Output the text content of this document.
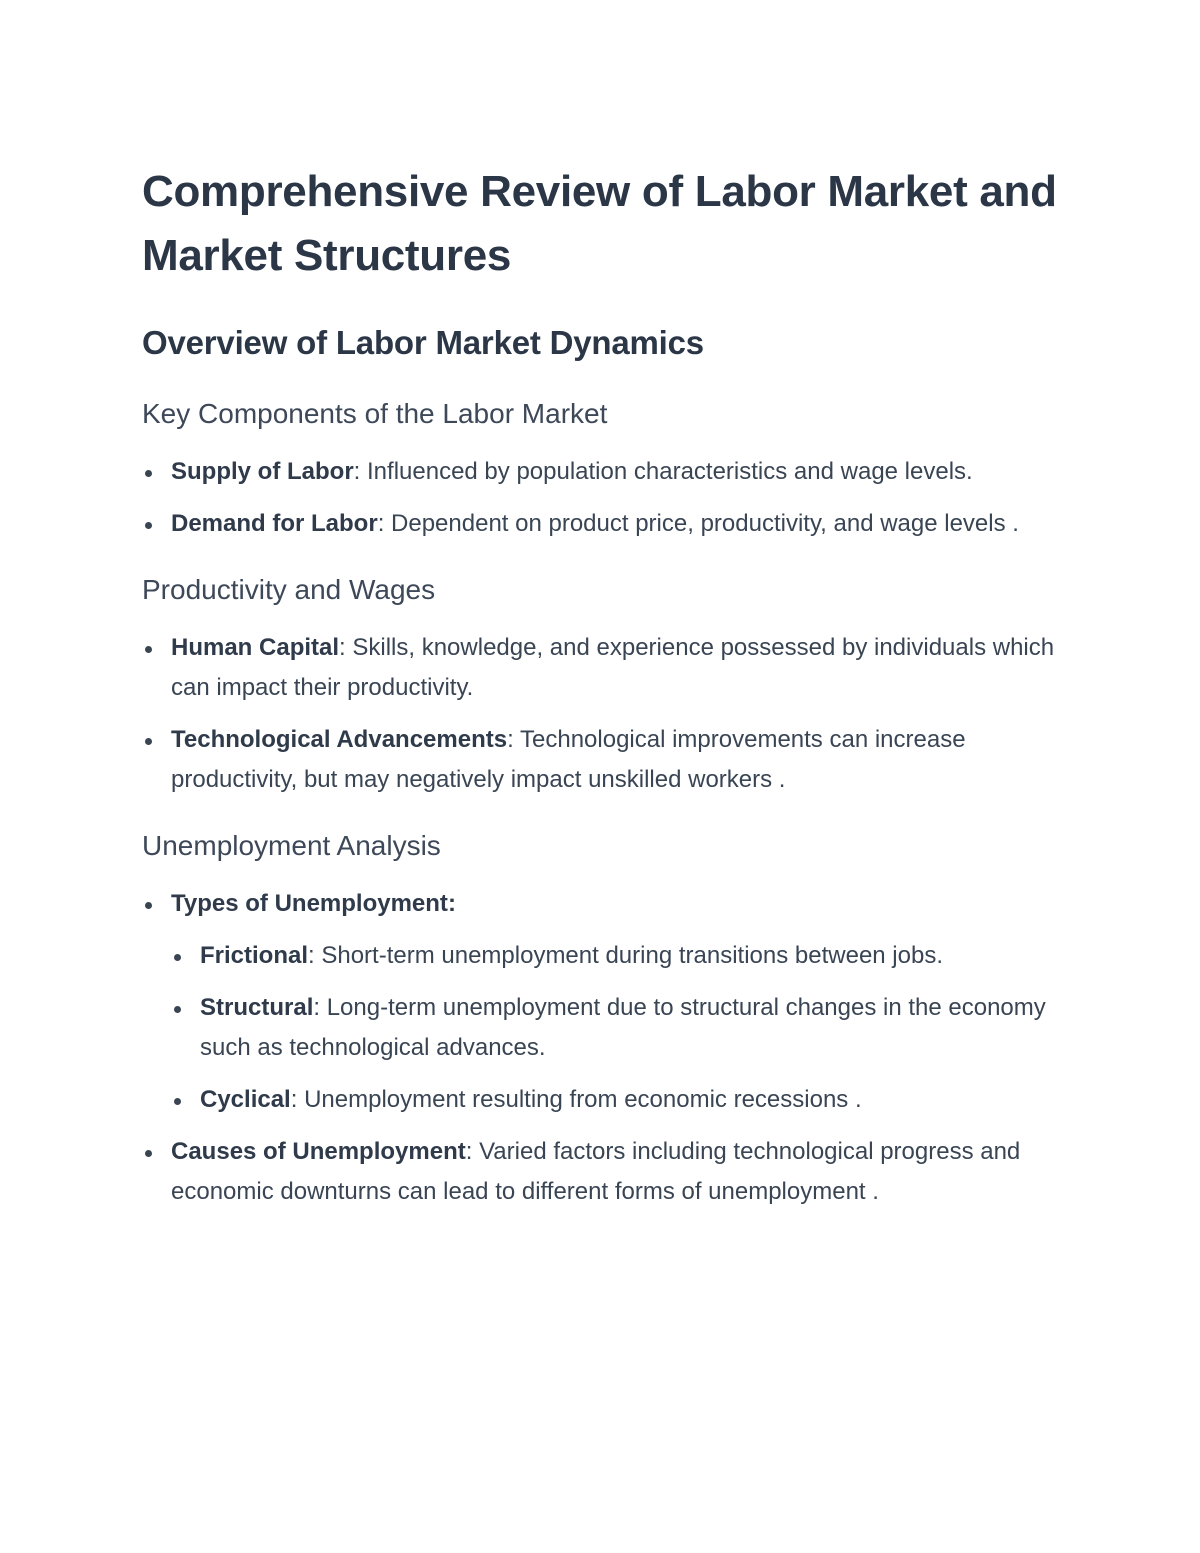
Comprehensive Review of Labor Market and Market Structures
Overview of Labor Market Dynamics
Key Components of the Labor Market
Supply of Labor: Influenced by population characteristics and wage levels.
Demand for Labor: Dependent on product price, productivity, and wage levels .
Productivity and Wages
Human Capital: Skills, knowledge, and experience possessed by individuals which can impact their productivity.
Technological Advancements: Technological improvements can increase productivity, but may negatively impact unskilled workers .
Unemployment Analysis
Types of Unemployment:
Frictional: Short-term unemployment during transitions between jobs.
Structural: Long-term unemployment due to structural changes in the economy such as technological advances.
Cyclical: Unemployment resulting from economic recessions .
Causes of Unemployment: Varied factors including technological progress and economic downturns can lead to different forms of unemployment .
